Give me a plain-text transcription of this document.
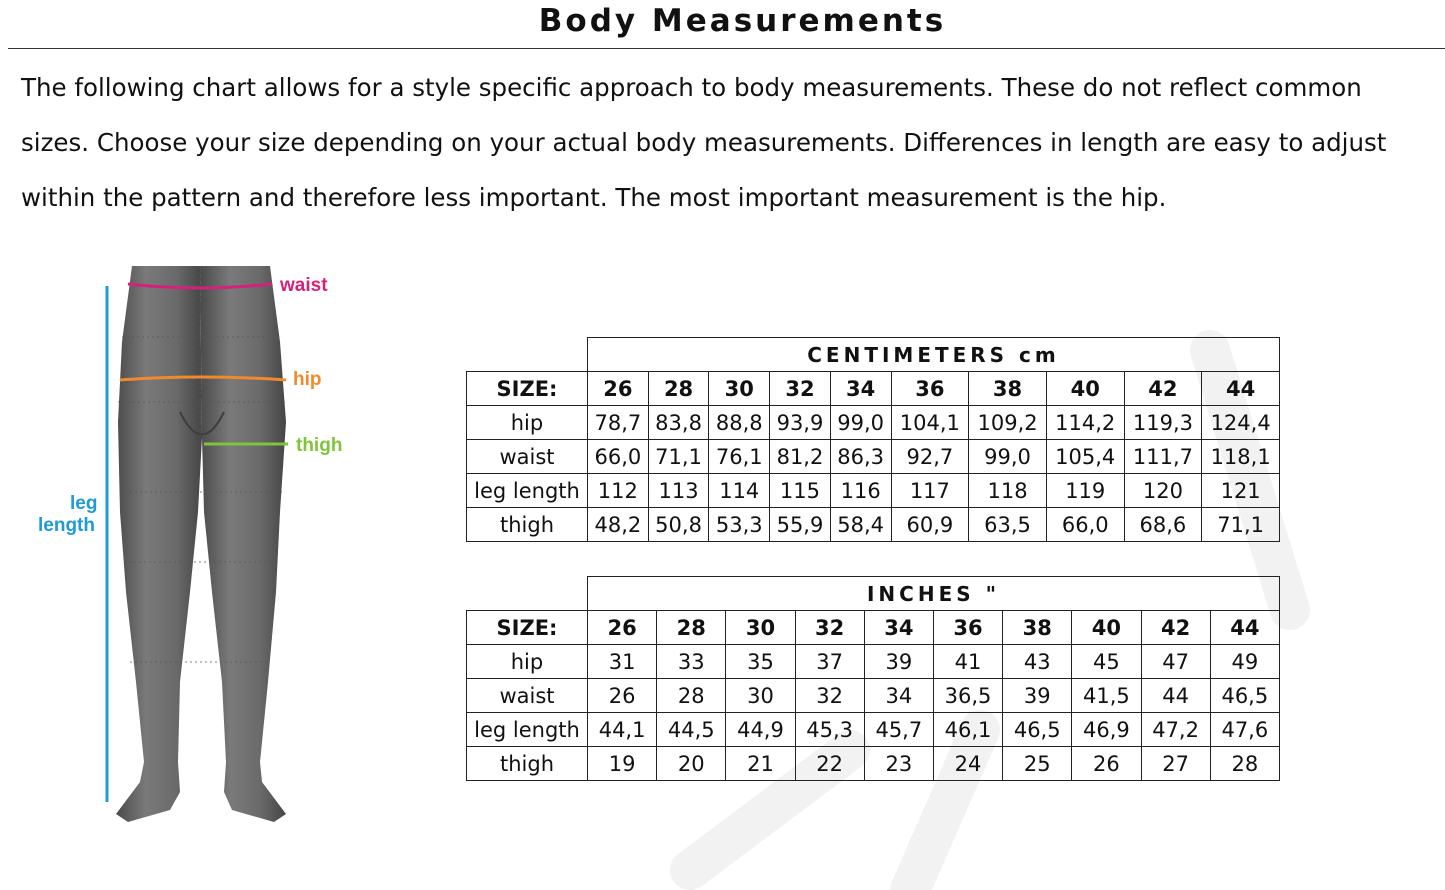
Body Measurements

The following chart allows for a style specific approach to body measurements. These do not reflect common sizes. Choose your size depending on your actual body measurements. Differences in length are easy to adjust within the pattern and therefore less important. The most important measurement is the hip.

waist
hip
thigh
leg
length
	CENTIMETERS cm									
SIZE:	26	28	30	32	34	36	38	40	42	44
hip	78,7	83,8	88,8	93,9	99,0	104,1	109,2	114,2	119,3	124,4
waist	66,0	71,1	76,1	81,2	86,3	92,7	99,0	105,4	111,7	118,1
leg length	112	113	114	115	116	117	118	119	120	121
thigh	48,2	50,8	53,3	55,9	58,4	60,9	63,5	66,0	68,6	71,1
	INCHES "									
SIZE:	26	28	30	32	34	36	38	40	42	44
hip	31	33	35	37	39	41	43	45	47	49
waist	26	28	30	32	34	36,5	39	41,5	44	46,5
leg length	44,1	44,5	44,9	45,3	45,7	46,1	46,5	46,9	47,2	47,6
thigh	19	20	21	22	23	24	25	26	27	28
